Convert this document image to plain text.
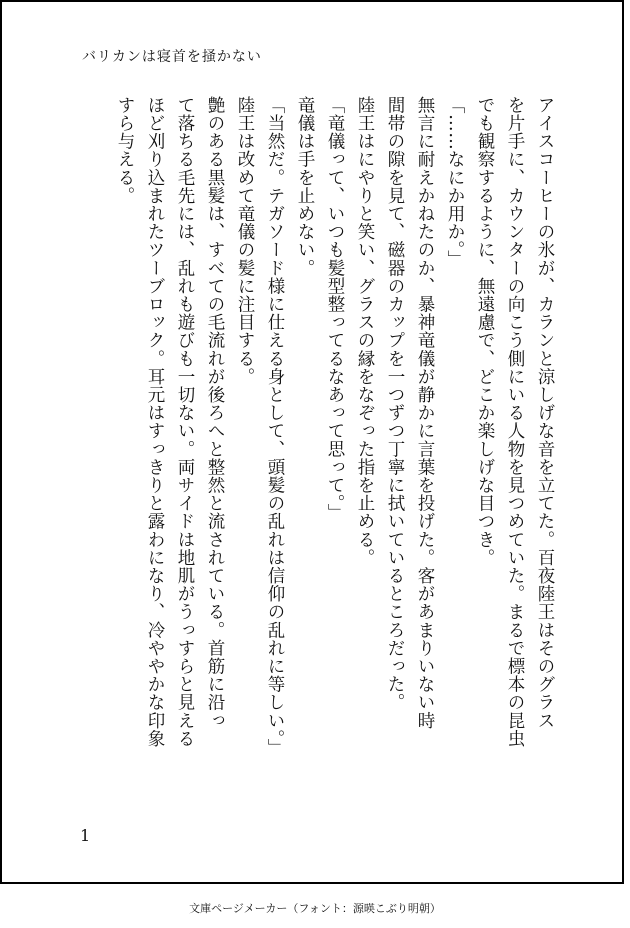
バリカンは寝首を掻かない

アイスコーヒーの氷が、カランと涼しげな音を立てた。百夜陸王はそのグラス

を片手に、カウンターの向こう側にいる人物を見つめていた。まるで標本の昆虫

でも観察するように、無遠慮で、どこか楽しげな目つき。

「……なにか用か。」

無言に耐えかねたのか、暴神竜儀が静かに言葉を投げた。客があまりいない時

間帯の隙を見て、磁器のカップを一つずつ丁寧に拭いているところだった。

陸王はにやりと笑い、グラスの縁をなぞった指を止める。

「竜儀って、いつも髪型整ってるなあって思って。」

竜儀は手を止めない。

「当然だ。テガソード様に仕える身として、頭髪の乱れは信仰の乱れに等しい。」

陸王は改めて竜儀の髪に注目する。

艶のある黒髪は、すべての毛流れが後ろへと整然と流されている。首筋に沿っ

て落ちる毛先には、乱れも遊びも一切ない。両サイドは地肌がうっすらと見える

ほど刈り込まれたツーブロック。耳元はすっきりと露わになり、冷ややかな印象

すら与える。

1
文庫ページメーカー（フォント：源暎こぶり明朝）
